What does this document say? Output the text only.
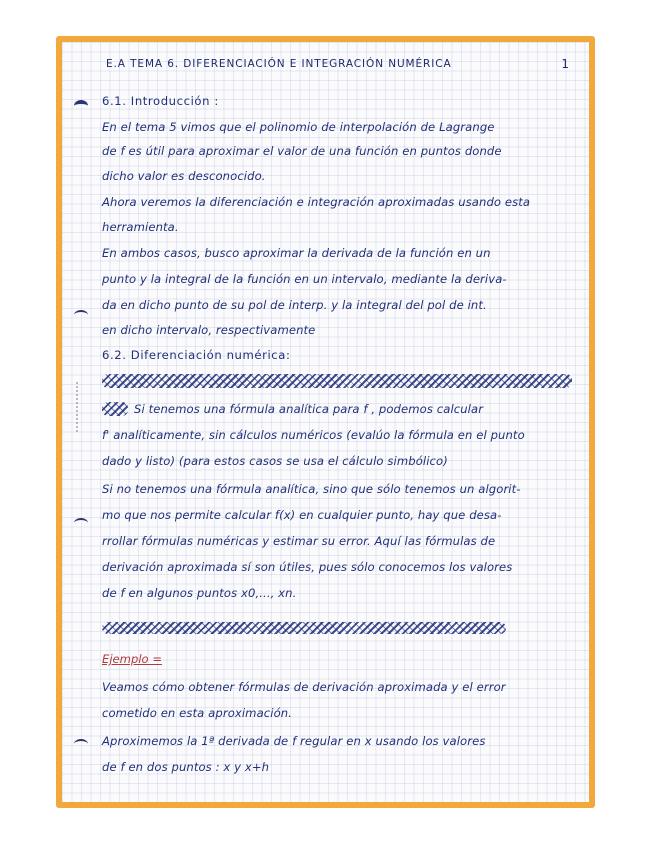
E.A TEMA 6. DIFERENCIACIÓN E INTEGRACIÓN NUMÉRICA	1
6.1. Introducción :
En el tema 5 vimos que el polinomio de interpolación de Lagrange
de f es útil para aproximar el valor de una función en puntos donde
dicho valor es desconocido.
Ahora veremos la diferenciación e integración aproximadas usando esta
herramienta.
En ambos casos, busco aproximar la derivada de la función en un
punto y la integral de la función en un intervalo, mediante la deriva-
da en dicho punto de su pol de interp. y la integral del pol de int.
en dicho intervalo, respectivamente
6.2. Diferenciación numérica:
Si tenemos una fórmula analítica para f , podemos calcular
f' analíticamente, sin cálculos numéricos (evalúo la fórmula en el punto
dado y listo) (para estos casos se usa el cálculo simbólico)
Si no tenemos una fórmula analítica, sino que sólo tenemos un algorit-
mo que nos permite calcular f(x) en cualquier punto, hay que desa-
rrollar fórmulas numéricas y estimar su error. Aquí las fórmulas de
derivación aproximada sí son útiles, pues sólo conocemos los valores
de f en algunos puntos x0,..., xn.
Ejemplo =
Veamos cómo obtener fórmulas de derivación aproximada y el error
cometido en esta aproximación.
Aproximemos la 1ª derivada de f regular en x usando los valores
de f en dos puntos : x y x+h
